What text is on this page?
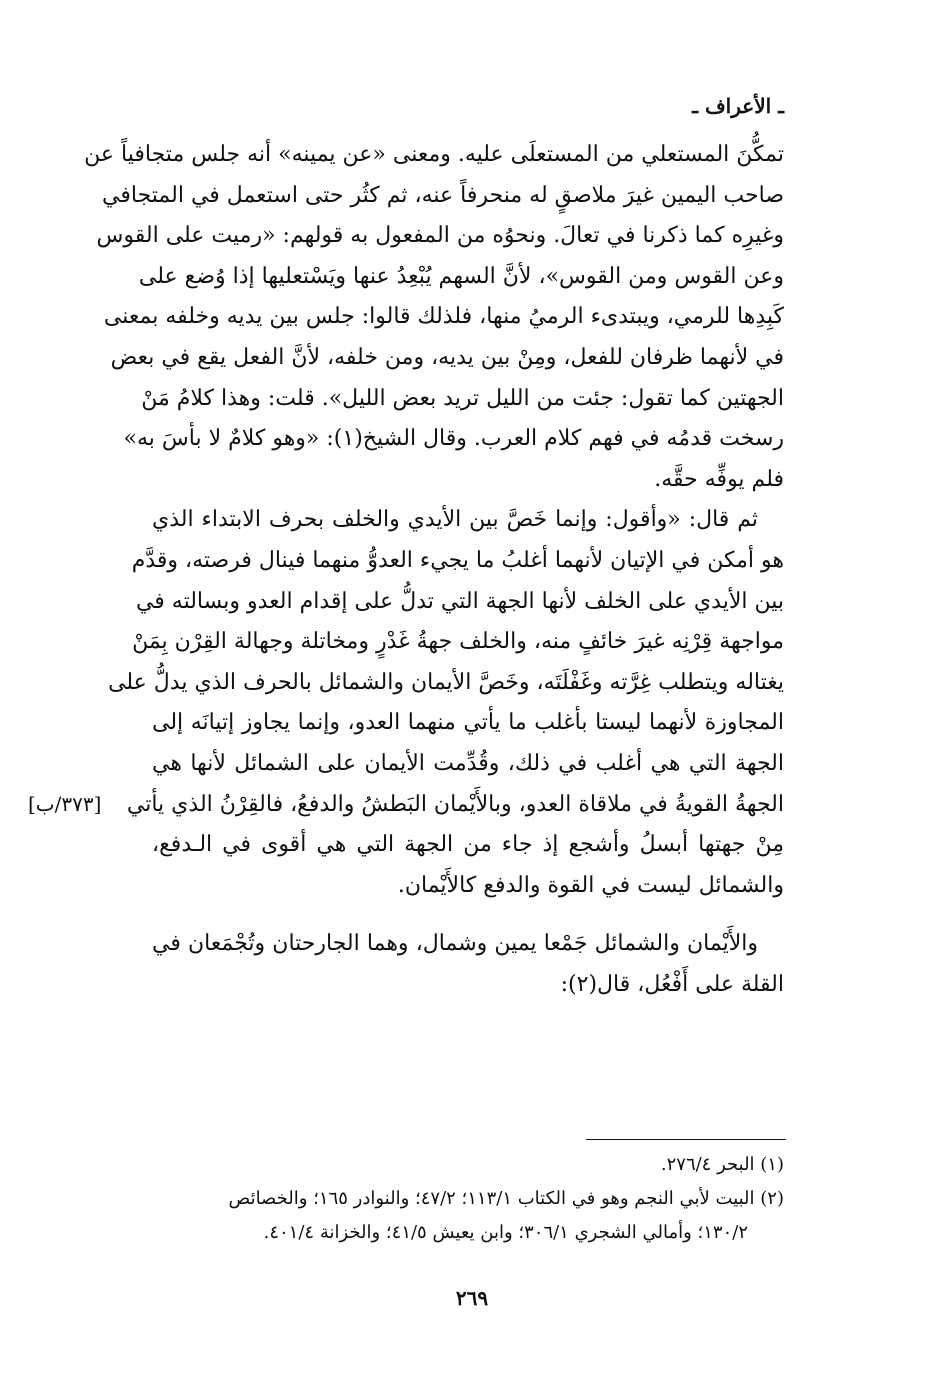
ـ الأعراف ـ
تمكُّنَ المستعلي من المستعلَى عليه. ومعنى «عن يمينه» أنه جلس متجافياً عن
صاحب اليمين غيرَ ملاصقٍ له منحرفاً عنه، ثم كثُر حتى استعمل في المتجافي
وغيرِه كما ذكرنا في تعالَ. ونحوُه من المفعول به قولهم: «رميت على القوس
وعن القوس ومن القوس»، لأنَّ السهم يُبْعِدُ عنها ويَسْتعليها إذا وُضع على
كَبِدِها للرمي، ويبتدىء الرميُ منها، فلذلك قالوا: جلس بين يديه وخلفه بمعنى
في لأنهما ظرفان للفعل، ومِنْ بين يديه، ومن خلفه، لأنَّ الفعل يقع في بعض
الجهتين كما تقول: جئت من الليل تريد بعض الليل». قلت: وهذا كلامُ مَنْ
رسخت قدمُه في فهم كلام العرب. وقال الشيخ(١): «وهو كلامٌ لا بأسَ به»
فلم يوفِّه حقَّه.
ثم قال: «وأقول: وإنما خَصَّ بين الأيدي والخلف بحرف الابتداء الذي
هو أمكن في الإتيان لأنهما أغلبُ ما يجيء العدوُّ منهما فينال فرصته، وقدَّم
بين الأيدي على الخلف لأنها الجهة التي تدلُّ على إقدام العدو وبسالته في
مواجهة قِرْنِه غيرَ خائفٍ منه، والخلف جهةُ غَدْرٍ ومخاتلة وجهالة القِرْن بِمَنْ
يغتاله ويتطلب غِرَّته وغَفْلَتَه، وخَصَّ الأيمان والشمائل بالحرف الذي يدلُّ على
المجاوزة لأنهما ليستا بأغلب ما يأتي منهما العدو، وإنما يجاوز إتيانَه إلى
الجهة التي هي أغلب في ذلك، وقُدِّمت الأيمان على الشمائل لأنها هي
الجهةُ القويةُ في ملاقاة العدو، وبالأَيْمان البَطشُ والدفعُ، فالقِرْنُ الذي يأتي
مِنْ جهتها أبسلُ وأشجع إذ جاء من الجهة التي هي أقوى في الـدفع،
والشمائل ليست في القوة والدفع كالأَيْمان.
والأَيْمان والشمائل جَمْعا يمين وشمال، وهما الجارحتان وتُجْمَعان في
القلة على أَفْعُل، قال(٢):
[٣٧٣/ب]
(١) البحر ٢٧٦/٤.
(٢) البيت لأبي النجم وهو في الكتاب ١١٣/١؛ ٤٧/٢؛ والنوادر ١٦٥؛ والخصائص
١٣٠/٢؛ وأمالي الشجري ٣٠٦/١؛ وابن يعيش ٤١/٥؛ والخزانة ٤٠١/٤.
٢٦٩
